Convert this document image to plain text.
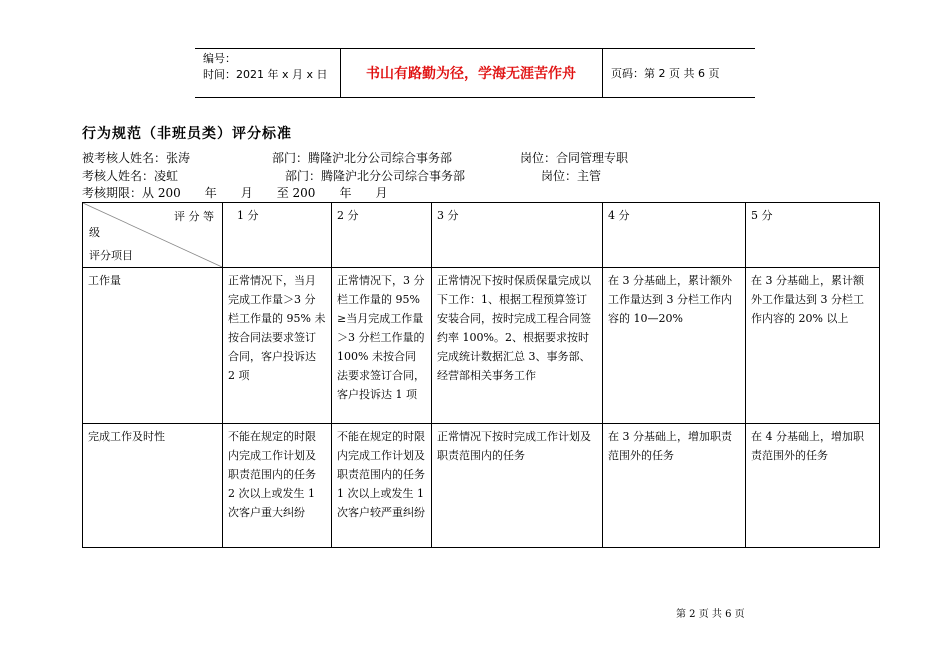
编号：
时间：2021 年 x 月 x 日	书山有路勤为径，学海无涯苦作舟	页码：第 2 页 共 6 页
行为规范（非班员类）评分标准
被考核人姓名：张涛	部门：腾隆沪北分公司综合事务部	岗位：合同管理专职
考核人姓名：凌虹	部门：腾隆沪北分公司综合事务部	岗位：主管
考核期限：从 200　　年　　月　　至 200　　年　　月
评 分 等
级
评分项目	1 分	2 分	3 分	4 分	5 分
工作量	正常情况下，当月完成工作量＞3 分栏工作量的 95% 未按合同法要求签订合同，客户投诉达 2 项	正常情况下，3 分栏工作量的 95%≥当月完成工作量＞3 分栏工作量的 100% 未按合同法要求签订合同，客户投诉达 1 项	正常情况下按时保质保量完成以下工作：1、根据工程预算签订安装合同，按时完成工程合同签约率 100%。2、根据要求按时完成统计数据汇总 3、事务部、经营部相关事务工作	在 3 分基础上，累计额外工作量达到 3 分栏工作内容的 10—20%	在 3 分基础上，累计额外工作量达到 3 分栏工作内容的 20% 以上
完成工作及时性	不能在规定的时限内完成工作计划及职责范围内的任务 2 次以上或发生 1 次客户重大纠纷	不能在规定的时限内完成工作计划及职责范围内的任务 1 次以上或发生 1 次客户较严重纠纷	正常情况下按时完成工作计划及职责范围内的任务	在 3 分基础上，增加职责范围外的任务	在 4 分基础上，增加职责范围外的任务
第 2 页 共 6 页
